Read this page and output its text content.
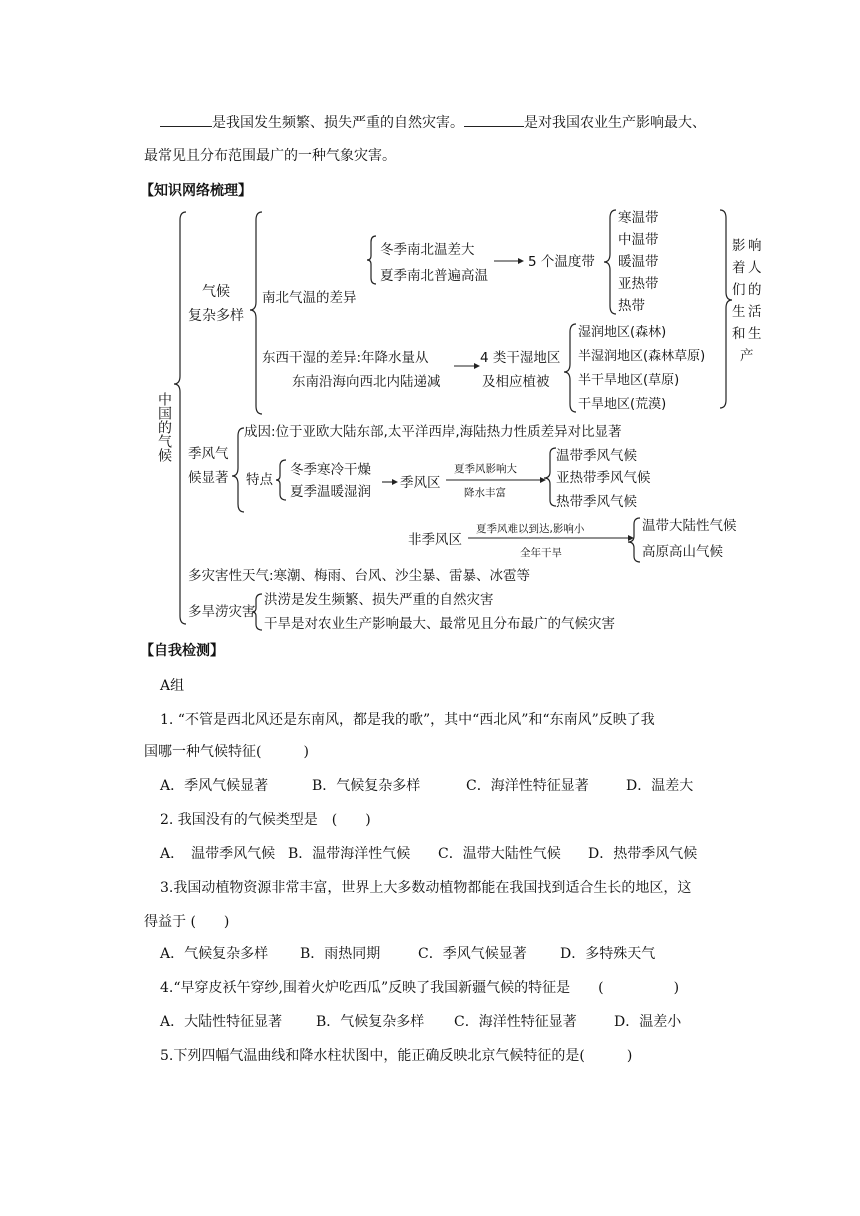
是我国发生频繁、损失严重的自然灾害。	是对我国农业生产影响最大、
最常见且分布范围最广的一种气象灾害。
【知识网络梳理】
中国的气候
气候
复杂多样
南北气温的差异
冬季南北温差大
夏季南北普遍高温
5 个温度带
寒温带
中温带
暖温带
亚热带
热带
影 响
着 人
们 的
生 活
和 生
产
东西干湿的差异:年降水量从
东南沿海向西北内陆递减
4 类干湿地区
及相应植被
湿润地区(森林)
半湿润地区(森林草原)
半干旱地区(草原)
干旱地区(荒漠)
季风气
候显著
成因:位于亚欧大陆东部,太平洋西岸,海陆热力性质差异对比显著
特点
冬季寒冷干燥
夏季温暖湿润
季风区
夏季风影响大
降水丰富
温带季风气候
亚热带季风气候
热带季风气候
非季风区
夏季风难以到达,影响小
全年干旱
温带大陆性气候
高原高山气候
多灾害性天气:寒潮、梅雨、台风、沙尘暴、雷暴、冰雹等
多旱涝灾害
洪涝是发生频繁、损失严重的自然灾害
干旱是对农业生产影响最大、最常见且分布最广的气候灾害
【自我检测】
A组
1. “不管是西北风还是东南风，都是我的歌”，其中“西北风”和“东南风”反映了我
国哪一种气候特征(　　　)
A．季风气候显著	B．气候复杂多样	C．海洋性特征显著	D．温差大
2. 我国没有的气候类型是　(　　)
A．　温带季风气候 B．温带海洋性气候 C．温带大陆性气候 D．热带季风气候
3.我国动植物资源非常丰富，世界上大多数动植物都能在我国找到适合生长的地区，这
得益于 (　　)
A．气候复杂多样 B．雨热同期	C．季风气候显著 D．多特殊天气
4.“早穿皮袄午穿纱,围着火炉吃西瓜”反映了我国新疆气候的特征是　　(　　　　　)
A．大陆性特征显著 B．气候复杂多样 C．海洋性特征显著	D．温差小
5.下列四幅气温曲线和降水柱状图中，能正确反映北京气候特征的是(　　　)
